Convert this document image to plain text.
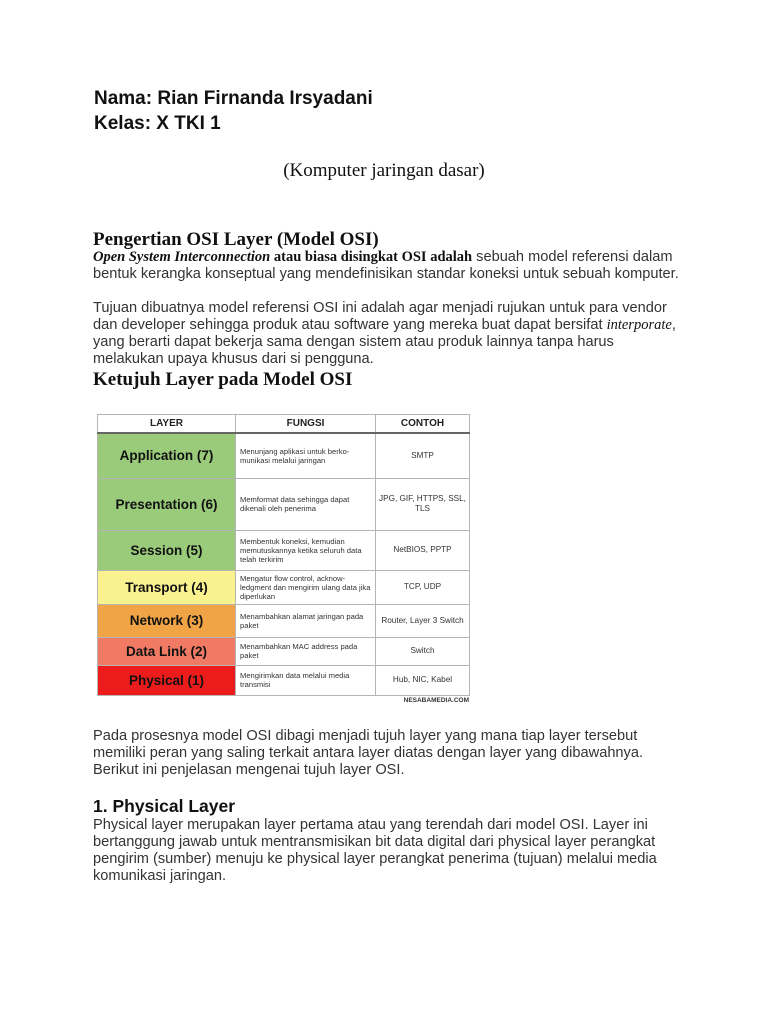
Nama: Rian Firnanda Irsyadani
Kelas: X TKI 1
(Komputer jaringan dasar)
Pengertian OSI Layer (Model OSI)
Open System Interconnection atau biasa disingkat OSI adalah sebuah model referensi dalam bentuk kerangka konseptual yang mendefinisikan standar koneksi untuk sebuah komputer.
Tujuan dibuatnya model referensi OSI ini adalah agar menjadi rujukan untuk para vendor dan developer sehingga produk atau software yang mereka buat dapat bersifat interporate, yang berarti dapat bekerja sama dengan sistem atau produk lainnya tanpa harus melakukan upaya khusus dari si pengguna.
Ketujuh Layer pada Model OSI
LAYER	FUNGSI	CONTOH
Application (7)	Menunjang aplikasi untuk berko-munikasi melalui jaringan	SMTP
Presentation (6)	Memformat data sehingga dapat dikenali oleh penerima	JPG, GIF, HTTPS, SSL, TLS
Session (5)	Membentuk koneksi, kemudian memutuskannya ketika seluruh data telah terkirim	NetBIOS, PPTP
Transport (4)	Mengatur flow control, acknow-ledgment dan mengirim ulang data jika diperlukan	TCP, UDP
Network (3)	Menambahkan alamat jaringan pada paket	Router, Layer 3 Switch
Data Link (2)	Menambahkan MAC address pada paket	Switch
Physical (1)	Mengirimkan data melalui media transmisi	Hub, NIC, Kabel
NESABAMEDIA.COM
Pada prosesnya model OSI dibagi menjadi tujuh layer yang mana tiap layer tersebut memiliki peran yang saling terkait antara layer diatas dengan layer yang dibawahnya. Berikut ini penjelasan mengenai tujuh layer OSI.
1. Physical Layer
Physical layer merupakan layer pertama atau yang terendah dari model OSI. Layer ini bertanggung jawab untuk mentransmisikan bit data digital dari physical layer perangkat pengirim (sumber) menuju ke physical layer perangkat penerima (tujuan) melalui media komunikasi jaringan.
